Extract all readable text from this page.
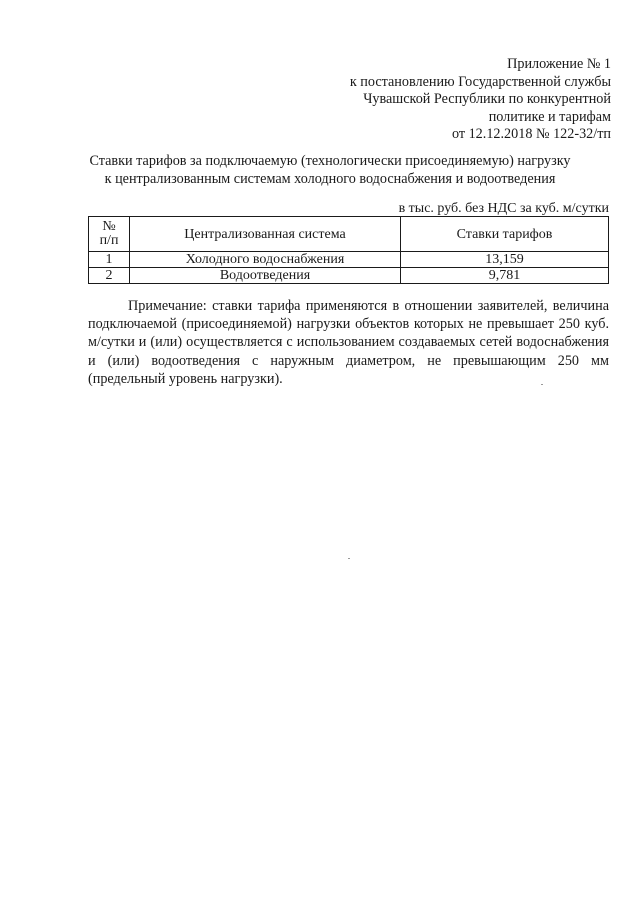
Приложение № 1
к постановлению Государственной службы
Чувашской Республики по конкурентной
политике и тарифам
от 12.12.2018 № 122-32/тп
Ставки тарифов за подключаемую (технологически присоединяемую) нагрузку
к централизованным системам холодного водоснабжения и водоотведения
в тыс. руб. без НДС за куб. м/сутки
№
п/п	Централизованная система	Ставки тарифов
1	Холодного водоснабжения	13,159
2	Водоотведения	9,781

Примечание: ставки тарифа применяются в отношении заявителей, величина подключаемой (присоединяемой) нагрузки объектов которых не превышает 250 куб. м/сутки и (или) осуществляется с использованием создаваемых сетей водоснабжения и (или) водоотведения с наружным диаметром, не превышающим 250 мм (предельный уровень нагрузки).
